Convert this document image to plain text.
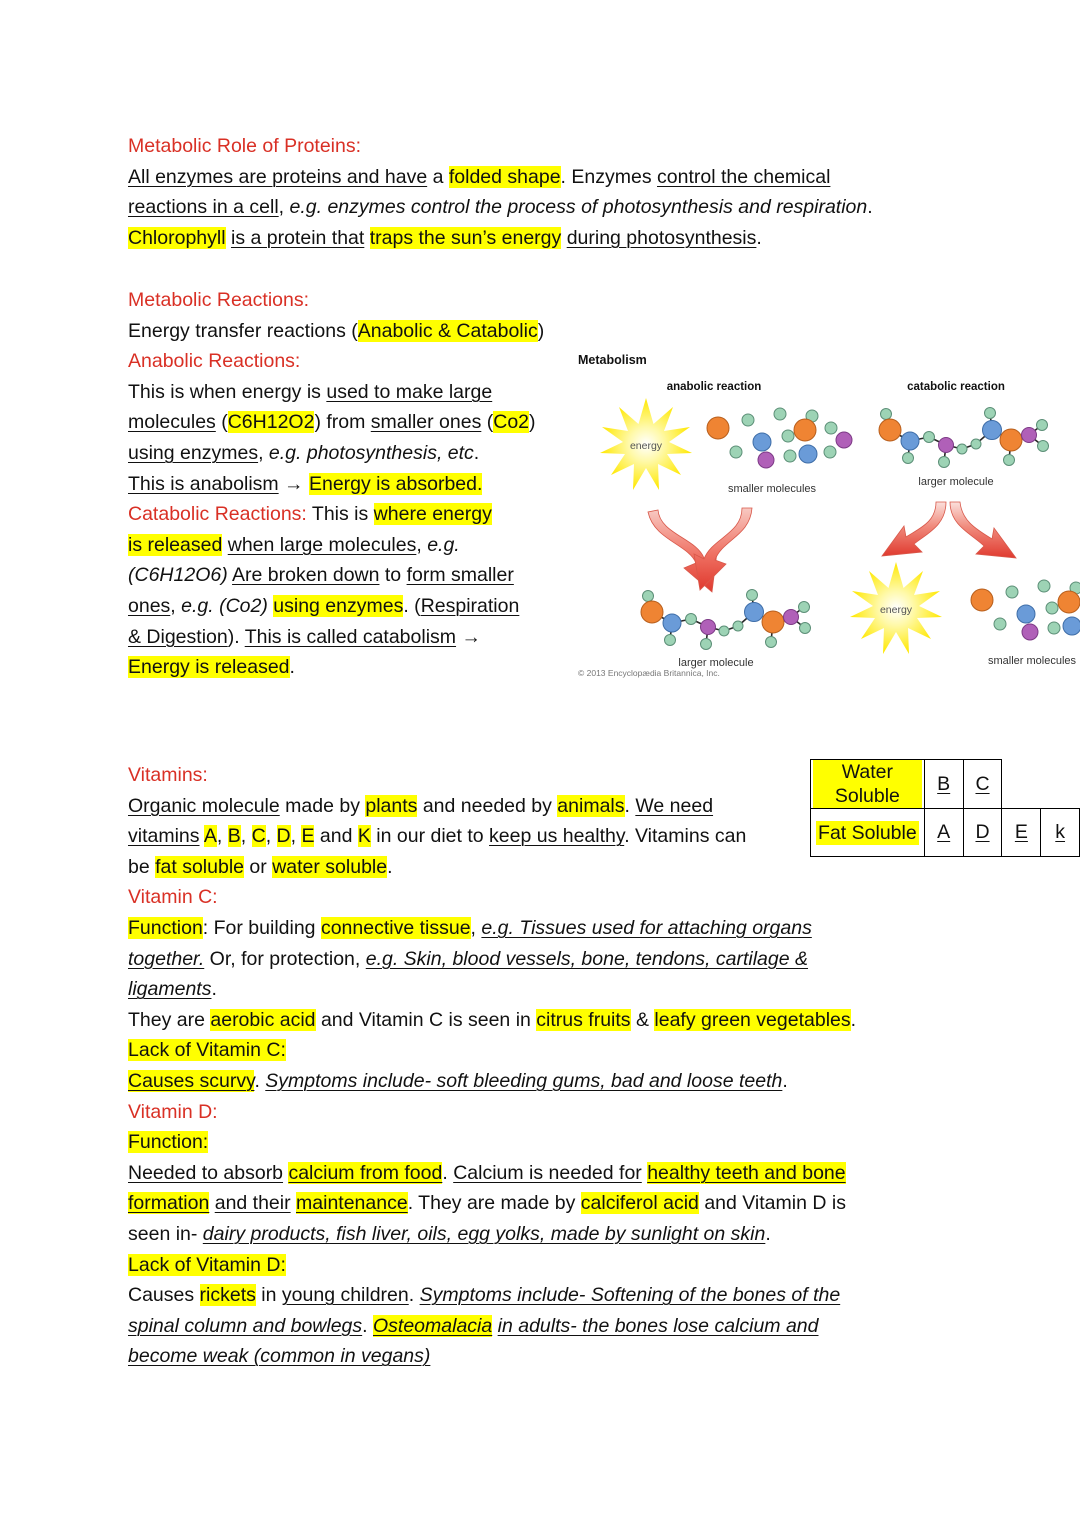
Metabolic Role of Proteins:
All enzymes are proteins and have a folded shape. Enzymes control the chemical
reactions in a cell, e.g. enzymes control the process of photosynthesis and respiration.
Chlorophyll is a protein that traps the sun’s energy during photosynthesis.
Metabolic Reactions:
Energy transfer reactions (Anabolic & Catabolic)
Anabolic Reactions:
This is when energy is used to make large
molecules (C6H12O2) from smaller ones (Co2)
using enzymes, e.g. photosynthesis, etc.
This is anabolism → Energy is absorbed.
Catabolic Reactions: This is where energy
is released when large molecules, e.g.
(C6H12O6) Are broken down to form smaller
ones, e.g. (Co2) using enzymes. (Respiration
& Digestion). This is called catabolism →
Energy is released.
Metabolism
anabolic reaction	catabolic reaction
energy
smaller molecules
larger molecule
larger molecule
energy
smaller molecules
© 2013 Encyclopædia Britannica, Inc.
Vitamins:
Organic molecule made by plants and needed by animals. We need
vitamins A, B, C, D, E and K in our diet to keep us healthy. Vitamins can
be fat soluble or water soluble.
Vitamin C:
Function: For building connective tissue, e.g. Tissues used for attaching organs
together. Or, for protection, e.g. Skin, blood vessels, bone, tendons, cartilage &
ligaments.
They are aerobic acid and Vitamin C is seen in citrus fruits & leafy green vegetables.
Lack of Vitamin C:
Causes scurvy. Symptoms include- soft bleeding gums, bad and loose teeth.
Vitamin D:
Function:
Needed to absorb calcium from food. Calcium is needed for healthy teeth and bone
formation and their maintenance. They are made by calciferol acid and Vitamin D is
seen in- dairy products, fish liver, oils, egg yolks, made by sunlight on skin.
Lack of Vitamin D:
Causes rickets in young children. Symptoms include- Softening of the bones of the
spinal column and bowlegs. Osteomalacia in adults- the bones lose calcium and
become weak (common in vegans)
Water Soluble	B	C		
Fat Soluble	A	D	E	k
